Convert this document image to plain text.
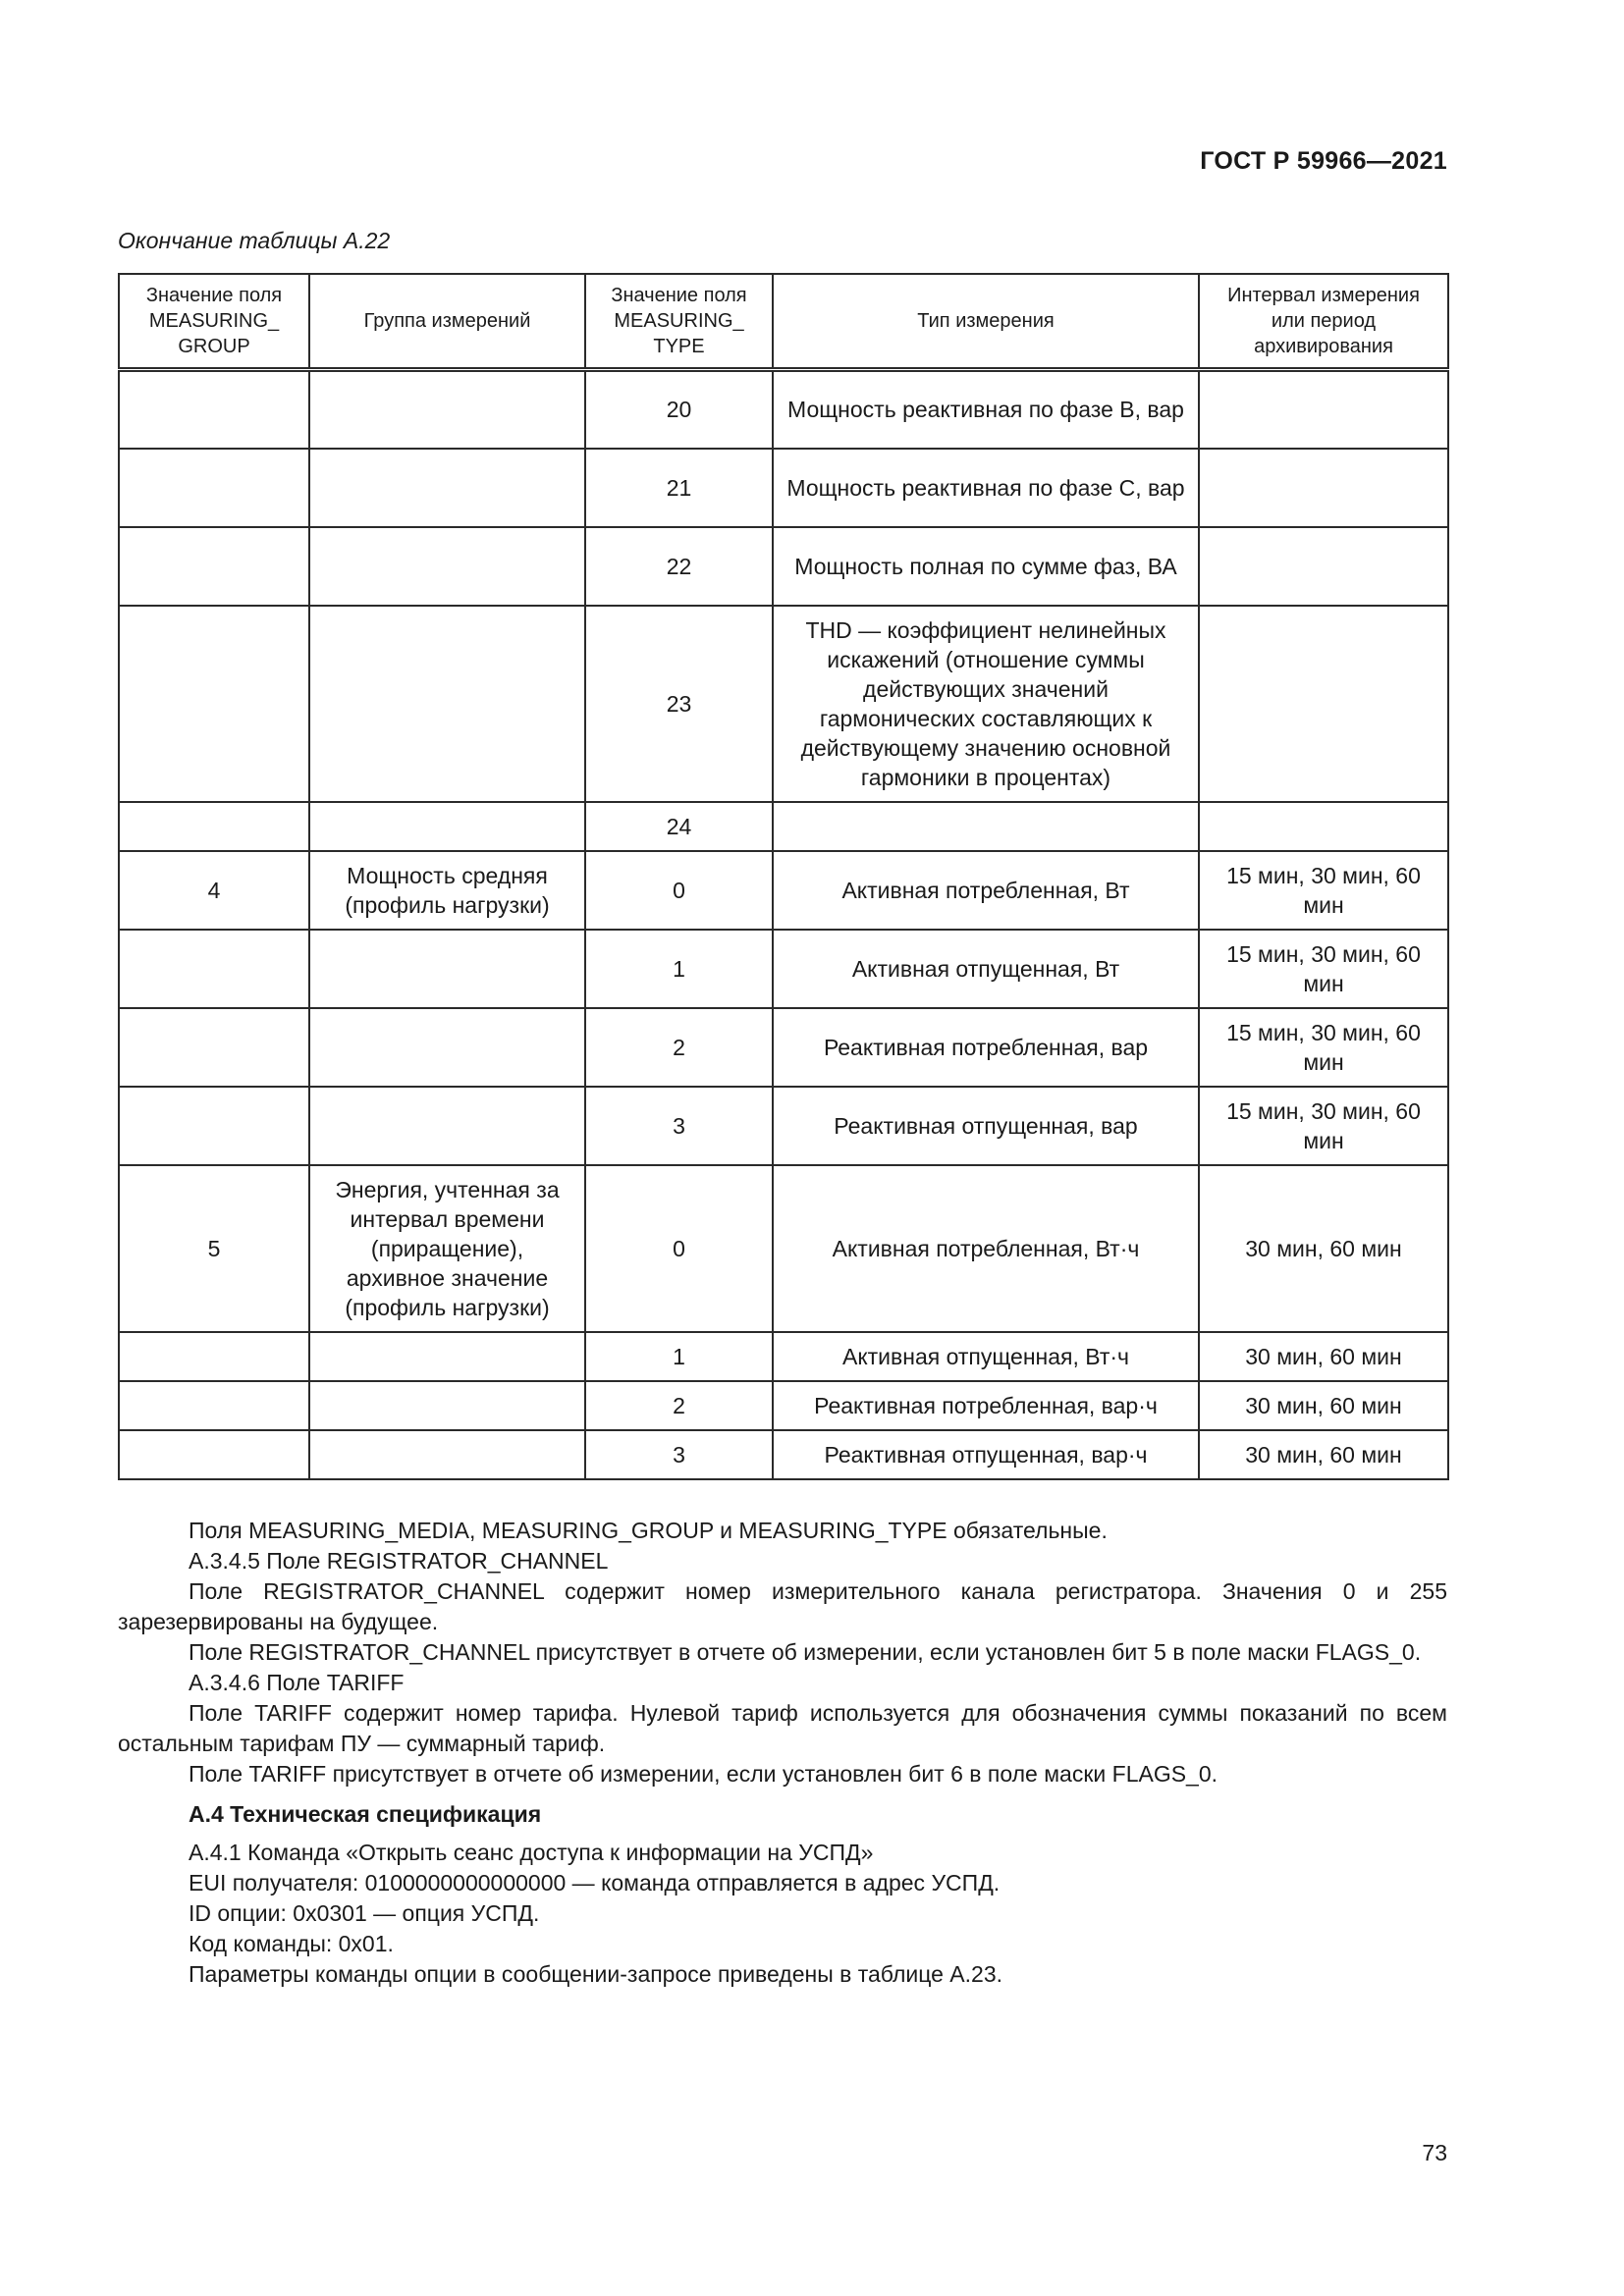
ГОСТ Р 59966—2021
Окончание таблицы А.22
Значение поля MEASURING_ GROUP	Группа измерений	Значение поля MEASURING_ TYPE	Тип измерения	Интервал измерения или период архивирования
		20	Мощность реактивная по фазе B, вар	
		21	Мощность реактивная по фазе C, вар	
		22	Мощность полная по сумме фаз, ВА	
		23	THD — коэффициент нелинейных искажений (отношение суммы действующих значений гармонических составляющих к действующему значению основной гармоники в процентах)	
		24		
4	Мощность средняя (профиль нагрузки)	0	Активная потребленная, Вт	15 мин, 30 мин, 60 мин
		1	Активная отпущенная, Вт	15 мин, 30 мин, 60 мин
		2	Реактивная потребленная, вар	15 мин, 30 мин, 60 мин
		3	Реактивная отпущенная, вар	15 мин, 30 мин, 60 мин
5	Энергия, учтенная за интервал времени (приращение), архивное значение (профиль нагрузки)	0	Активная потребленная, Вт·ч	30 мин, 60 мин
		1	Активная отпущенная, Вт·ч	30 мин, 60 мин
		2	Реактивная потребленная, вар·ч	30 мин, 60 мин
		3	Реактивная отпущенная, вар·ч	30 мин, 60 мин

Поля MEASURING_MEDIA, MEASURING_GROUP и MEASURING_TYPE обязательные.

А.3.4.5 Поле REGISTRATOR_CHANNEL

Поле REGISTRATOR_CHANNEL содержит номер измерительного канала регистратора. Значения 0 и 255 зарезервированы на будущее.

Поле REGISTRATOR_CHANNEL присутствует в отчете об измерении, если установлен бит 5 в поле маски FLAGS_0.

А.3.4.6 Поле TARIFF

Поле TARIFF содержит номер тарифа. Нулевой тариф используется для обозначения суммы показаний по всем остальным тарифам ПУ — суммарный тариф.

Поле TARIFF присутствует в отчете об измерении, если установлен бит 6 в поле маски FLAGS_0.

А.4 Техническая спецификация

А.4.1 Команда «Открыть сеанс доступа к информации на УСПД»

EUI получателя: 0100000000000000 — команда отправляется в адрес УСПД.

ID опции: 0x0301 — опция УСПД.

Код команды: 0x01.

Параметры команды опции в сообщении-запросе приведены в таблице А.23.

73
